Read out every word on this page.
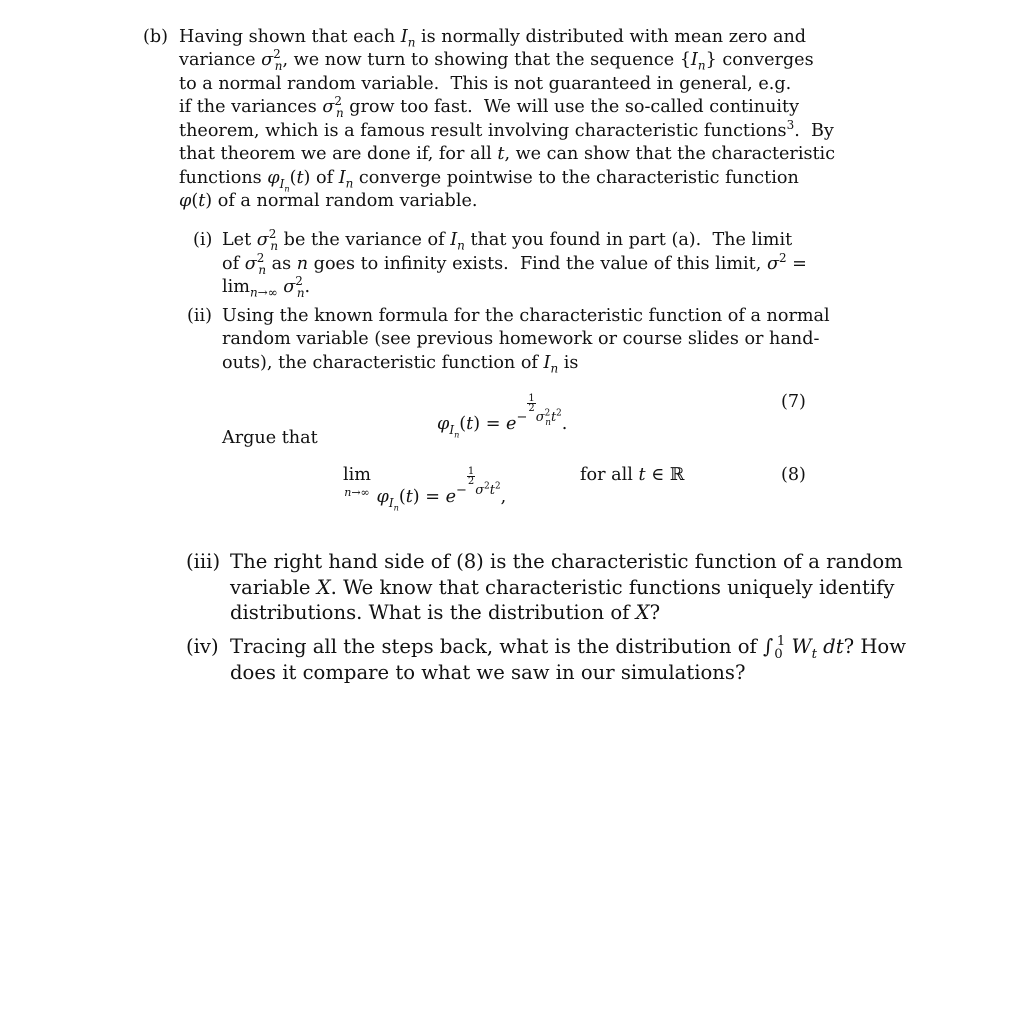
(b) Having shown that each $I_n$ is normally distributed with mean zero and
variance $\sigma^2_n$, we now turn to showing that the sequence $\{I_n\}$ converges
to a normal random variable.  This is not guaranteed in general, e.g.
if the variances $\sigma^2_n$ grow too fast.  We will use the so-called continuity
theorem, which is a famous result involving characteristic functions$^3$.  By
that theorem we are done if, for all t, we can show that the characteristic
functions $\varphi_{I_n}(t)$ of $I_n$ converge pointwise to the characteristic function
φ(t) of a normal random variable.
(i) Let $\sigma^2_n$ be the variance of $I_n$ that you found in part (a).  The limit
of $\sigma^2_n$ as n goes to infinity exists.  Find the value of this limit, $\sigma^2$ =
$\lim_{n\to\infty} \sigma^2_n$.
(ii) Using the known formula for the characteristic function of a normal
random variable (see previous homework or course slides or hand-
outs), the characteristic function of $I_n$ is
$\varphi_{I_n}(t) = e^{- \frac{1}{2} \sigma^2_nt^2}$.
(7)
Argue that
lim
n→∞ $\varphi_{I_n}(t) = e^{- \frac{1}{2} \sigma^2t^2}$,
for all t ∈ ℝ	(8)
(iii) The right hand side of (8) is the characteristic function of a random
variable X. We know that characteristic functions uniquely identify
distributions. What is the distribution of X?
(iv) Tracing all the steps back, what is the distribution of $\int_0^1$ $W_t$ dt? How
does it compare to what we saw in our simulations?
